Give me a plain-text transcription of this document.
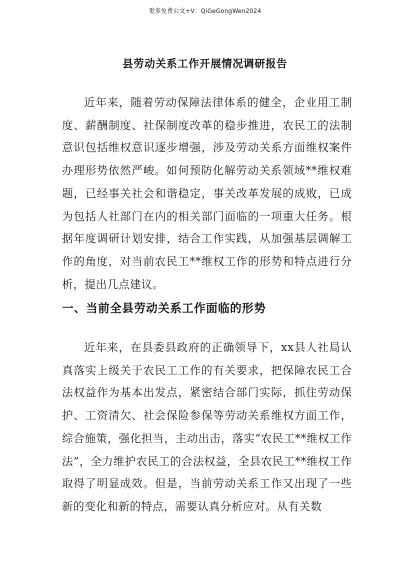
更多免费公文+V：QiGeGongWen2024
县劳动关系工作开展情况调研报告

近年来，随着劳动保障法律体系的健全，企业用工制度、薪酬制度、社保制度改革的稳步推进，农民工的法制意识包括维权意识逐步增强，涉及劳动关系方面维权案件办理形势依然严峻。如何预防化解劳动关系领域**维权难题，已经事关社会和谐稳定，事关改革发展的成败，已成为包括人社部门在内的相关部门面临的一项重大任务。根据年度调研计划安排，结合工作实践，从加强基层调解工作的角度，对当前农民工**维权工作的形势和特点进行分析，提出几点建议。

一、当前全县劳动关系工作面临的形势

近年来，在县委县政府的正确领导下，xx县人社局认真落实上级关于农民工工作的有关要求，把保障农民工合法权益作为基本出发点，紧密结合部门实际，抓住劳动保护、工资清欠、社会保险参保等劳动关系维权方面工作，综合施策，强化担当，主动出击，落实“农民工**维权工作法”，全力维护农民工的合法权益，全县农民工**维权工作取得了明显成效。但是，当前劳动关系工作又出现了一些新的变化和新的特点，需要认真分析应对。从有关数
